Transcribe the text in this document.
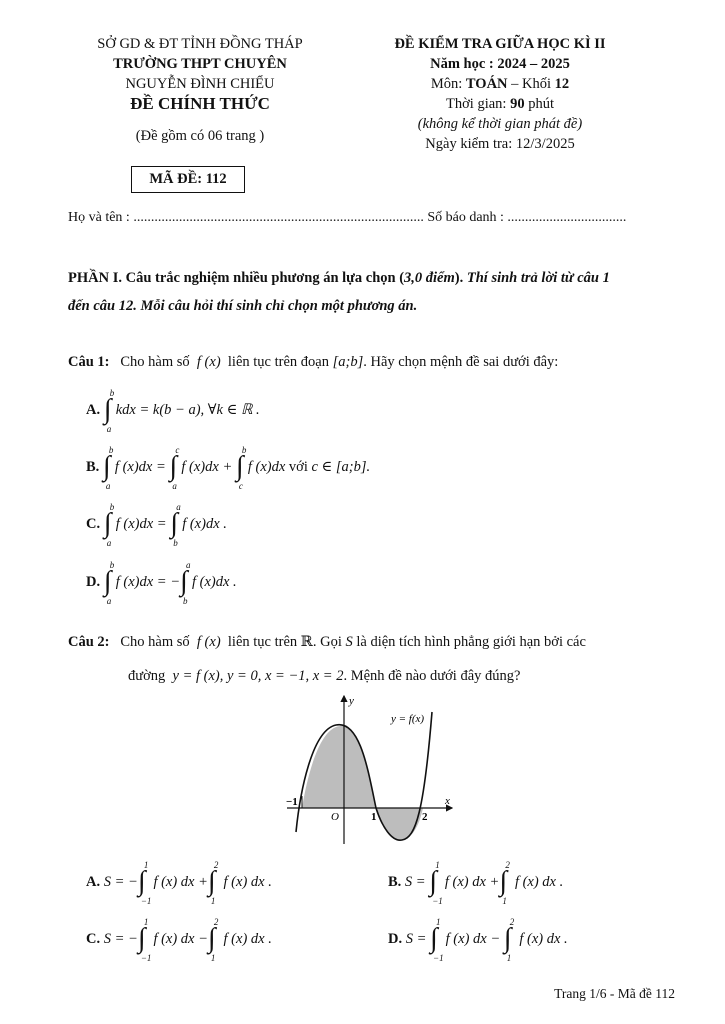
SỞ GD & ĐT TỈNH ĐỒNG THÁP
TRƯỜNG THPT CHUYÊN
NGUYỄN ĐÌNH CHIỂU
ĐỀ CHÍNH THỨC
(Đề gồm có 06 trang )
ĐỀ KIỂM TRA GIỮA HỌC KÌ II
Năm học : 2024 – 2025
Môn: TOÁN – Khối 12
Thời gian: 90 phút
(không kể thời gian phát đề)
Ngày kiểm tra: 12/3/2025
MÃ ĐỀ: 112
Họ và tên : ................................................................................... Số báo danh : ..................................
PHẦN I. Câu trắc nghiệm nhiều phương án lựa chọn (3,0 điểm). Thí sinh trả lời từ câu 1
đến câu 12. Mỗi câu hỏi thí sinh chỉ chọn một phương án.
Câu 1: Cho hàm số f (x) liên tục trên đoạn [a;b]. Hãy chọn mệnh đề sai dưới đây:
A.
∫
b
a
kdx = k(b − a), ∀k ∈ ℝ .
B.
∫
b
a
f (x)dx =
∫
c
a
f (x)dx +
∫
b
c
f (x)dx
với
c ∈ [a;b].
C.
∫
b
a
f (x)dx =
∫
a
b
f (x)dx .
D.
∫
b
a
f (x)dx = − ∫
a
b
f (x)dx .
Câu 2: Cho hàm số f (x) liên tục trên ℝ. Gọi S là diện tích hình phẳng giới hạn bởi các
đường y = f (x), y = 0, x = −1, x = 2. Mệnh đề nào dưới đây đúng?
y
x
y = f(x)
O
−1
1	2
A.
S = − ∫
1
−1

f (x) dx + ∫
2
1

f (x) dx .	B.
S =
∫
1
−1

f (x) dx + ∫
2
1

f (x) dx .
C.
S = − ∫
1
−1

f (x) dx − ∫
2
1

f (x) dx .	D.
S =
∫
1
−1

f (x) dx −
∫
2
1

f (x) dx .
Trang 1/6 - Mã đề 112
